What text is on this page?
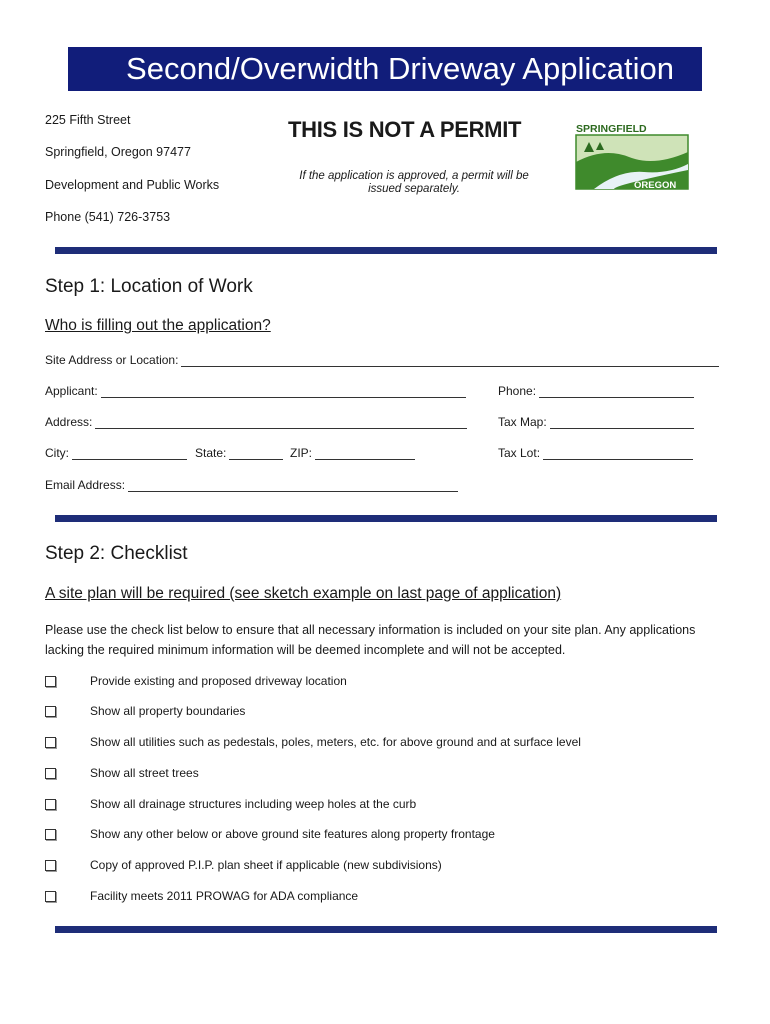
Second/Overwidth Driveway Application
225 Fifth Street
Springfield, Oregon 97477
Development and Public Works
Phone (541) 726-3753
THIS IS NOT A PERMIT
If the application is approved, a permit will be issued separately.
SPRINGFIELD
OREGON
Step 1: Location of Work
Who is filling out the application?
Site Address or Location:
Applicant:	Phone:
Address:	Tax Map:
City:	State:	ZIP:	Tax Lot:
Email Address:
Step 2: Checklist
A site plan will be required (see sketch example on last page of application)
Please use the check list below to ensure that all necessary information is included on your site plan. Any applications lacking the required minimum information will be deemed incomplete and will not be accepted.
Provide existing and proposed driveway location
Show all property boundaries
Show all utilities such as pedestals, poles, meters, etc. for above ground and at surface level
Show all street trees
Show all drainage structures including weep holes at the curb
Show any other below or above ground site features along property frontage
Copy of approved P.I.P. plan sheet if applicable (new subdivisions)
Facility meets 2011 PROWAG for ADA compliance
